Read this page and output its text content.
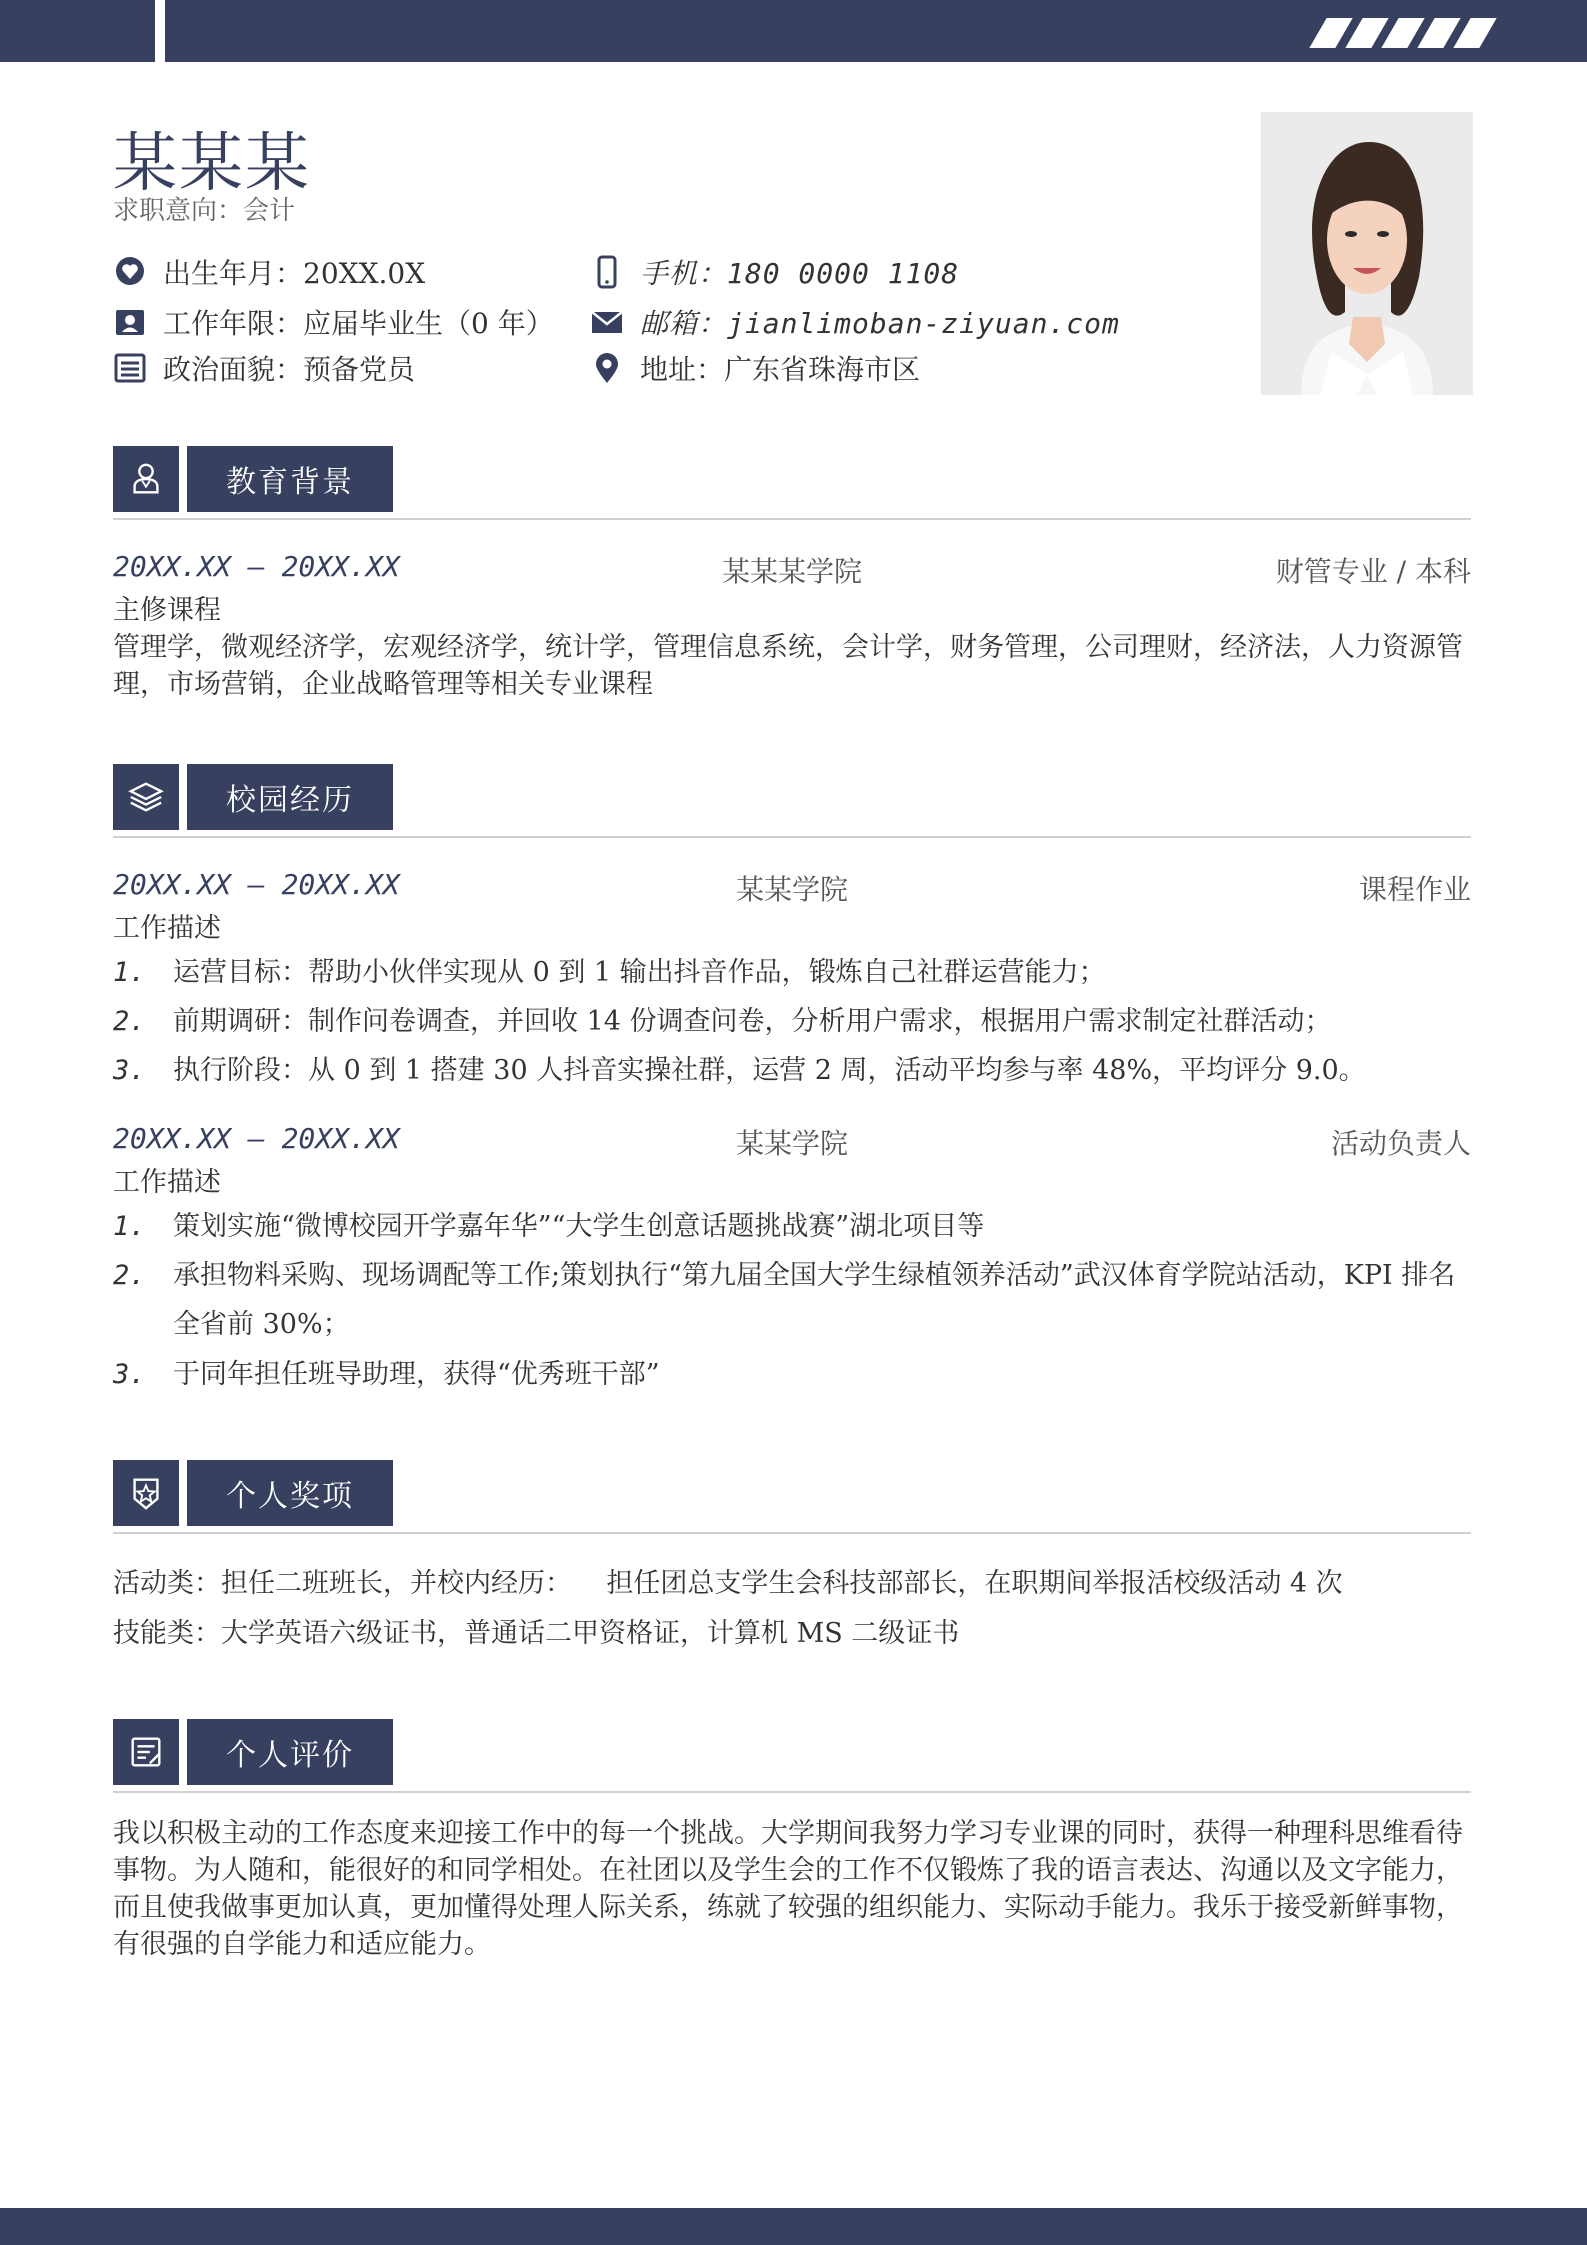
某某某
求职意向：会计
出生年月：20XX.0X
工作年限：应届毕业生（0 年）
政治面貌：预备党员
手机：180 0000 1108
邮箱：jianlimoban-ziyuan.com
地址：广东省珠海市区
教育背景
20XX.XX – 20XX.XX	某某某学院	财管专业 / 本科
主修课程
管理学，微观经济学，宏观经济学，统计学，管理信息系统，会计学，财务管理，公司理财，经济法，人力资源管理，市场营销，企业战略管理等相关专业课程
校园经历
20XX.XX – 20XX.XX	某某学院	课程作业
工作描述
1. 运营目标：帮助小伙伴实现从 0 到 1 输出抖音作品，锻炼自己社群运营能力；
2. 前期调研：制作问卷调查，并回收 14 份调查问卷，分析用户需求，根据用户需求制定社群活动；
3. 执行阶段：从 0 到 1 搭建 30 人抖音实操社群，运营 2 周，活动平均参与率 48%，平均评分 9.0。
20XX.XX – 20XX.XX	某某学院	活动负责人
工作描述
1. 策划实施“微博校园开学嘉年华”“大学生创意话题挑战赛”湖北项目等
2. 承担物料采购、现场调配等工作;策划执行“第九届全国大学生绿植领养活动”武汉体育学院站活动，KPI 排名全省前 30%；
3. 于同年担任班导助理，获得“优秀班干部”
个人奖项
活动类：担任二班班长，并校内经历：    担任团总支学生会科技部部长，在职期间举报活校级活动 4 次
技能类：大学英语六级证书，普通话二甲资格证，计算机 MS 二级证书
个人评价
我以积极主动的工作态度来迎接工作中的每一个挑战。大学期间我努力学习专业课的同时，获得一种理科思维看待事物。为人随和，能很好的和同学相处。在社团以及学生会的工作不仅锻炼了我的语言表达、沟通以及文字能力，而且使我做事更加认真，更加懂得处理人际关系，练就了较强的组织能力、实际动手能力。我乐于接受新鲜事物，有很强的自学能力和适应能力。
